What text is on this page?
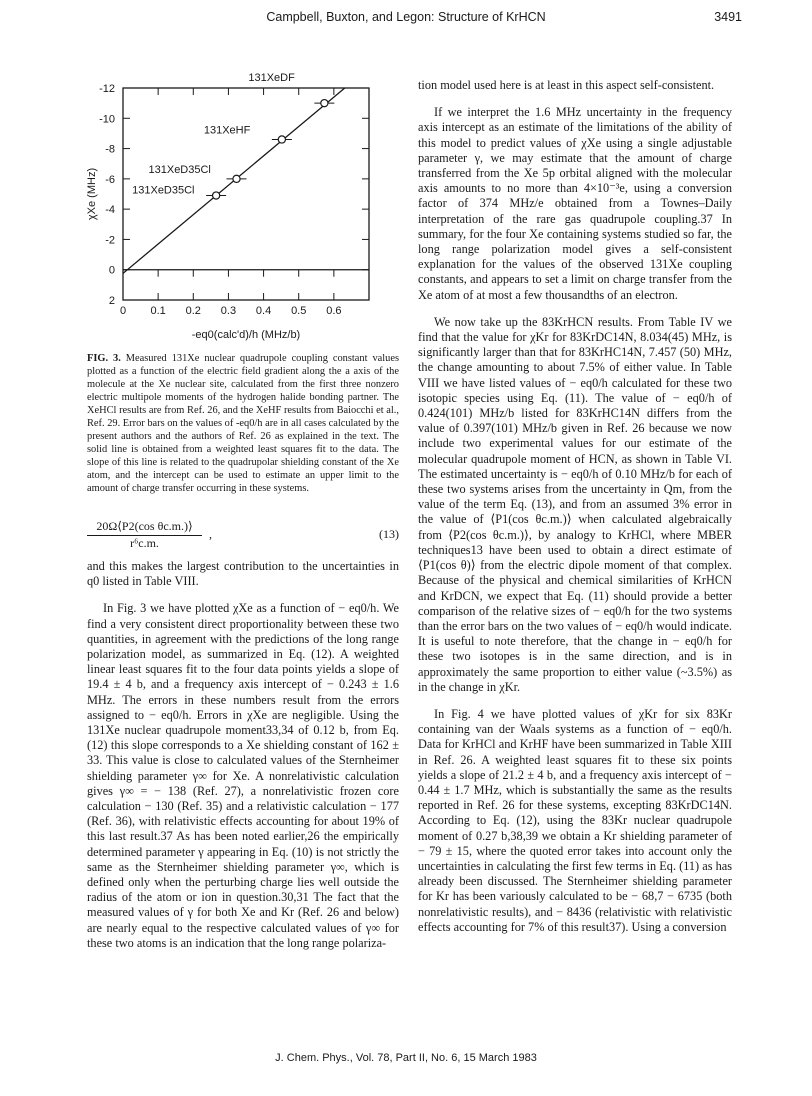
Campbell, Buxton, and Legon: Structure of KrHCN	3491
0 0.1 0.2 0.3 0.4 0.5 0.6
-12
-10
-8
-6
-4
-2
0
2
131XeDF
131XeHF
131XeD35Cl
131XeD35Cl
-eq0(calc'd)/h (MHz/b)
χXe (MHz)
FIG. 3. Measured 131Xe nuclear quadrupole coupling constant values plotted as a function of the electric field gradient along the a axis of the molecule at the Xe nuclear site, calculated from the first three nonzero electric multipole moments of the hydrogen halide bonding partner. The XeHCl results are from Ref. 26, and the XeHF results from Baiocchi et al., Ref. 29. Error bars on the values of -eq0/h are in all cases calculated by the present authors and the authors of Ref. 26 as explained in the text. The solid line is obtained from a weighted least squares fit to the data. The slope of this line is related to the quadrupolar shielding constant of the Xe atom, and the intercept can be used to estimate an upper limit to the amount of charge transfer occurring in these systems.
$\frac{\text{20Ω⟨P2(cos θc.m.)⟩}}{\text{r⁶c.m.}}$ ,	(13)

and this makes the largest contribution to the uncertainties in q0 listed in Table VIII.

In Fig. 3 we have plotted χXe as a function of − eq0/h. We find a very consistent direct proportionality between these two quantities, in agreement with the predictions of the long range polarization model, as summarized in Eq. (12). A weighted linear least squares fit to the four data points yields a slope of 19.4 ± 4 b, and a frequency axis intercept of − 0.243 ± 1.6 MHz. The errors in these numbers result from the errors assigned to − eq0/h. Errors in χXe are negligible. Using the 131Xe nuclear quadrupole moment33,34 of 0.12 b, from Eq. (12) this slope corresponds to a Xe shielding constant of 162 ± 33. This value is close to calculated values of the Sternheimer shielding parameter γ∞ for Xe. A nonrelativistic calculation gives γ∞ = − 138 (Ref. 27), a nonrelativistic frozen core calculation − 130 (Ref. 35) and a relativistic calculation − 177 (Ref. 36), with relativistic effects accounting for about 19% of this last result.37 As has been noted earlier,26 the empirically determined parameter γ appearing in Eq. (10) is not strictly the same as the Sternheimer shielding parameter γ∞, which is defined only when the perturbing charge lies well outside the radius of the atom or ion in question.30,31 The fact that the measured values of γ for both Xe and Kr (Ref. 26 and below) are nearly equal to the respective calculated values of γ∞ for these two atoms is an indication that the long range polariza-

tion model used here is at least in this aspect self-consistent.

If we interpret the 1.6 MHz uncertainty in the frequency axis intercept as an estimate of the limitations of the ability of this model to predict values of χXe using a single adjustable parameter γ, we may estimate that the amount of charge transferred from the Xe 5p orbital aligned with the molecular axis amounts to no more than 4×10⁻³e, using a conversion factor of 374 MHz/e obtained from a Townes–Daily interpretation of the rare gas quadrupole coupling.37 In summary, for the four Xe containing systems studied so far, the long range polarization model gives a self-consistent explanation for the values of the observed 131Xe coupling constants, and appears to set a limit on charge transfer from the Xe atom of at most a few thousandths of an electron.

We now take up the 83KrHCN results. From Table IV we find that the value for χKr for 83KrDC14N, 8.034(45) MHz, is significantly larger than that for 83KrHC14N, 7.457 (50) MHz, the change amounting to about 7.5% of either value. In Table VIII we have listed values of − eq0/h calculated for these two isotopic species using Eq. (11). The value of − eq0/h of 0.424(101) MHz/b listed for 83KrHC14N differs from the value of 0.397(101) MHz/b given in Ref. 26 because we now include two experimental values for our estimate of the molecular quadrupole moment of HCN, as shown in Table VI. The estimated uncertainty is − eq0/h of 0.10 MHz/b for each of these two systems arises from the uncertainty in Qm, from the value of the term Eq. (13), and from an assumed 3% error in the value of ⟨P1(cos θc.m.)⟩ when calculated algebraically from ⟨P2(cos θc.m.)⟩, by analogy to KrHCl, where MBER techniques13 have been used to obtain a direct estimate of ⟨P1(cos θ)⟩ from the electric dipole moment of that complex. Because of the physical and chemical similarities of KrHCN and KrDCN, we expect that Eq. (11) should provide a better comparison of the relative sizes of − eq0/h for the two systems than the error bars on the two values of − eq0/h would indicate. It is useful to note therefore, that the change in − eq0/h for these two isotopes is in the same direction, and is in approximately the same proportion to either value (~3.5%) as in the change in χKr.

In Fig. 4 we have plotted values of χKr for six 83Kr containing van der Waals systems as a function of − eq0/h. Data for KrHCl and KrHF have been summarized in Table XIII in Ref. 26. A weighted least squares fit to these six points yields a slope of 21.2 ± 4 b, and a frequency axis intercept of − 0.44 ± 1.7 MHz, which is substantially the same as the results reported in Ref. 26 for these systems, excepting 83KrDC14N. According to Eq. (12), using the 83Kr nuclear quadrupole moment of 0.27 b,38,39 we obtain a Kr shielding parameter of − 79 ± 15, where the quoted error takes into account only the uncertainties in calculating the first few terms in Eq. (11) as has already been discussed. The Sternheimer shielding parameter for Kr has been variously calculated to be − 68,7 − 6735 (both nonrelativistic results), and − 8436 (relativistic with relativistic effects accounting for 7% of this result37). Using a conversion

J. Chem. Phys., Vol. 78, Part II, No. 6, 15 March 1983
